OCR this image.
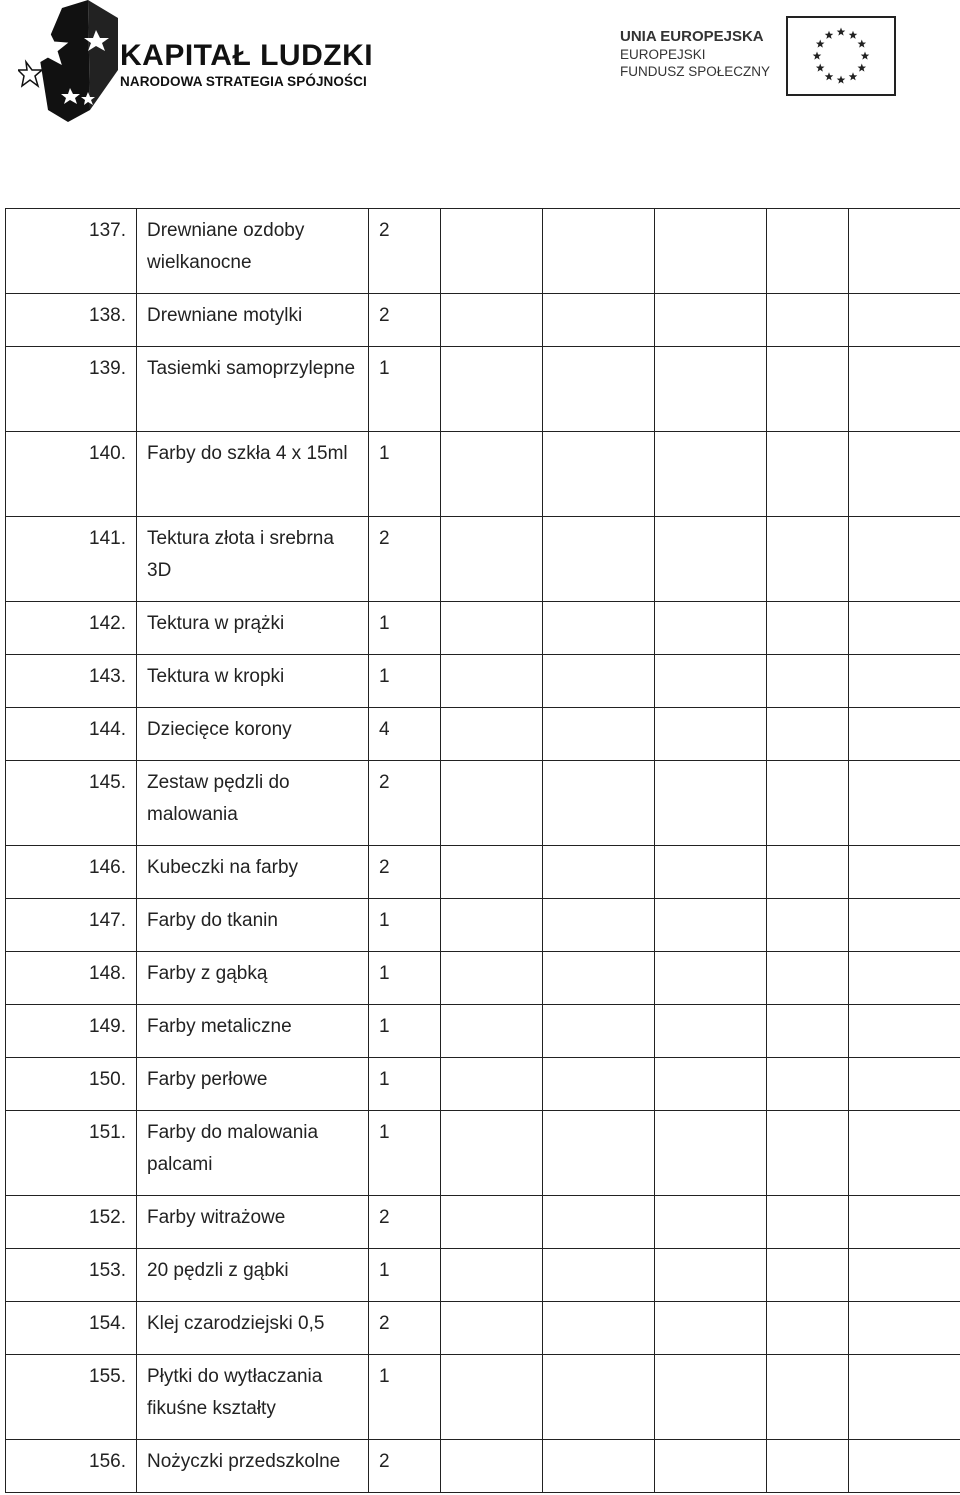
KAPITAŁ LUDZKI
NARODOWA STRATEGIA SPÓJNOŚCI
UNIA EUROPEJSKA
EUROPEJSKI
FUNDUSZ SPOŁECZNY
137.	Drewniane ozdoby wielkanocne	2					

138.	Drewniane motylki	2					

139.	Tasiemki samoprzylepne	1					

140.	Farby do szkła 4 x 15ml	1					

141.	Tektura złota i srebrna 3D	2					

142.	Tektura w prążki	1					

143.	Tektura w kropki	1					

144.	Dziecięce korony	4					

145.	Zestaw pędzli do malowania	2					

146.	Kubeczki na farby	2					

147.	Farby do tkanin	1					

148.	Farby z gąbką	1					

149.	Farby metaliczne	1					

150.	Farby perłowe	1					

151.	Farby do malowania palcami	1					

152.	Farby witrażowe	2					

153.	20 pędzli z gąbki	1					

154.	Klej czarodziejski 0,5	2					

155.	Płytki do wytłaczania fikuśne kształty	1					

156.	Nożyczki przedszkolne	2					
